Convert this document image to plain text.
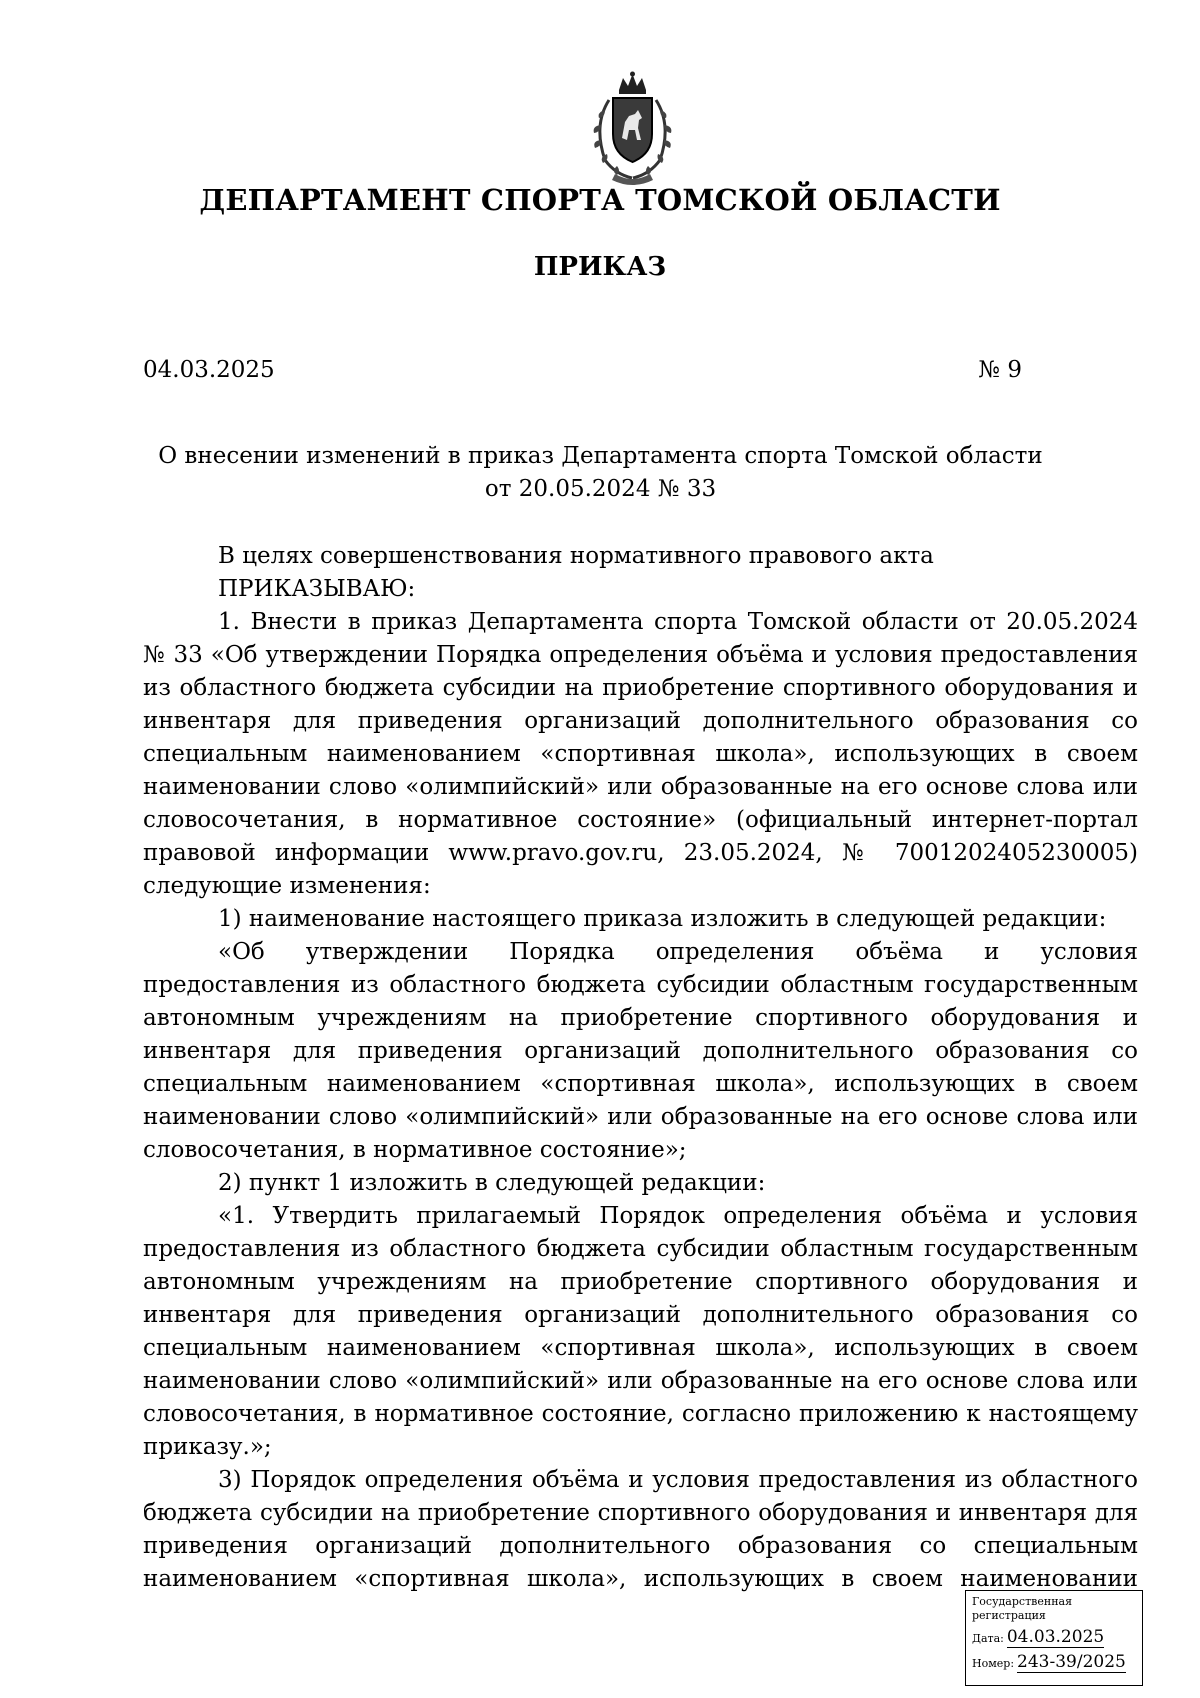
ДЕПАРТАМЕНТ СПОРТА ТОМСКОЙ ОБЛАСТИ
ПРИКАЗ
04.03.2025	№ 9
О внесении изменений в приказ Департамента спорта Томской области
от 20.05.2024 № 33

В целях совершенствования нормативного правового акта

ПРИКАЗЫВАЮ:

1. Внести в приказ Департамента спорта Томской области от 20.05.2024 № 33 «Об утверждении Порядка определения объёма и условия предоставления из областного бюджета субсидии на приобретение спортивного оборудования и инвентаря для приведения организаций дополнительного образования со специальным наименованием «спортивная школа», использующих в своем наименовании слово «олимпийский» или образованные на его основе слова или словосочетания, в нормативное состояние» (официальный интернет-портал правовой информации www.pravo.gov.ru, 23.05.2024, № 7001202405230005) следующие изменения:

1) наименование настоящего приказа изложить в следующей редакции:

«Об утверждении Порядка определения объёма и условия предоставления из областного бюджета субсидии областным государственным автономным учреждениям на приобретение спортивного оборудования и инвентаря для приведения организаций дополнительного образования со специальным наименованием «спортивная школа», использующих в своем наименовании слово «олимпийский» или образованные на его основе слова или словосочетания, в нормативное состояние»;

2) пункт 1 изложить в следующей редакции:

«1. Утвердить прилагаемый Порядок определения объёма и условия предоставления из областного бюджета субсидии областным государственным автономным учреждениям на приобретение спортивного оборудования и инвентаря для приведения организаций дополнительного образования со специальным наименованием «спортивная школа», использующих в своем наименовании слово «олимпийский» или образованные на его основе слова или словосочетания, в нормативное состояние, согласно приложению к настоящему приказу.»;

3) Порядок определения объёма и условия предоставления из областного бюджета субсидии на приобретение спортивного оборудования и инвентаря для приведения организаций дополнительного образования со специальным наименованием «спортивная школа», использующих в своем наименовании

Государственная регистрация
Дата: 04.03.2025
Номер: 243-39/2025
